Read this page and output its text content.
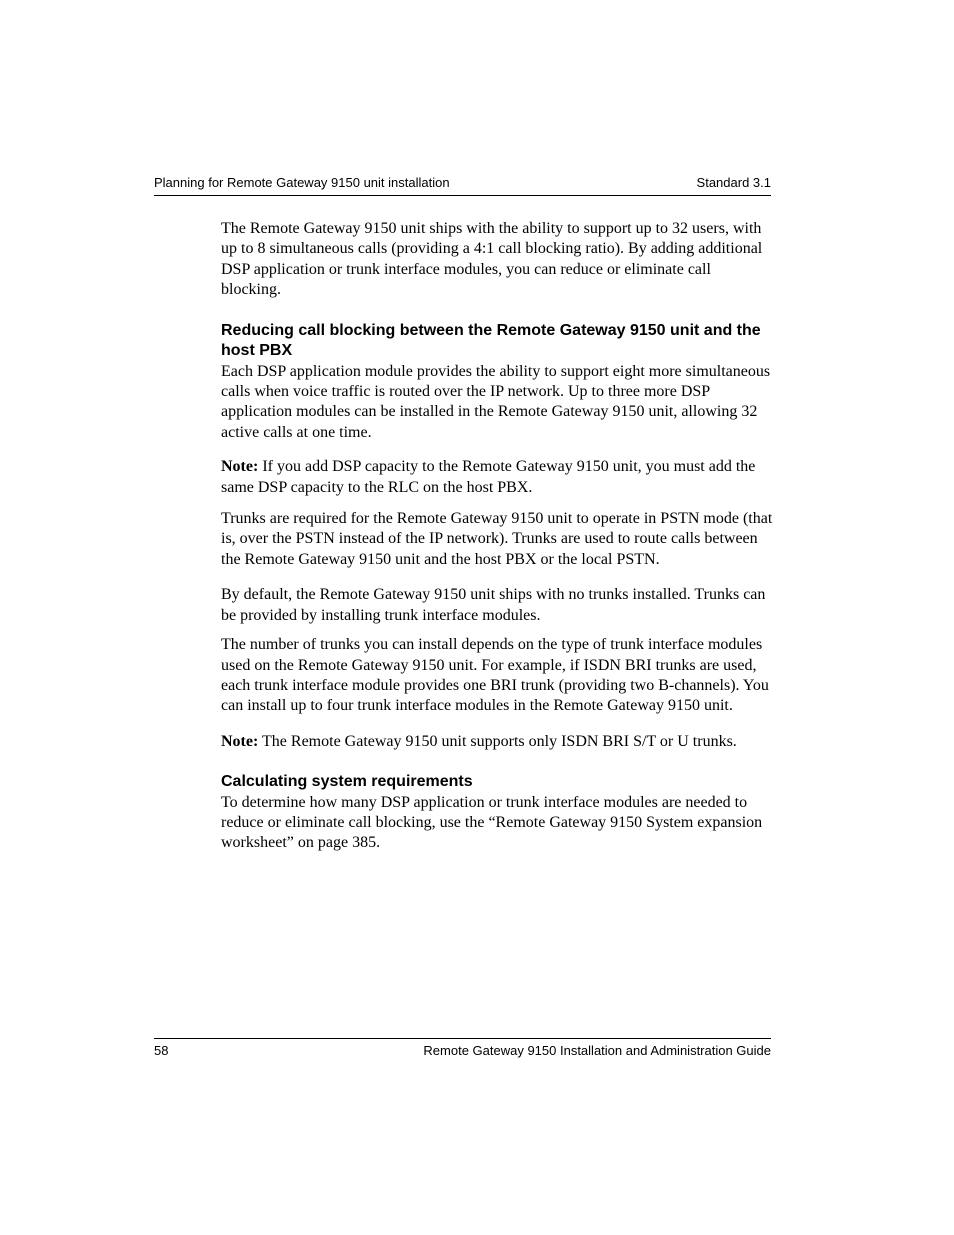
Planning for Remote Gateway 9150 unit installation	Standard 3.1

The Remote Gateway 9150 unit ships with the ability to support up to 32 users, with up to 8 simultaneous calls (providing a 4:1 call blocking ratio). By adding additional DSP application or trunk interface modules, you can reduce or eliminate call blocking.

Reducing call blocking between the Remote Gateway 9150 unit and the host PBX

Each DSP application module provides the ability to support eight more simultaneous calls when voice traffic is routed over the IP network. Up to three more DSP application modules can be installed in the Remote Gateway 9150 unit, allowing 32 active calls at one time.

Note: If you add DSP capacity to the Remote Gateway 9150 unit, you must add the same DSP capacity to the RLC on the host PBX.

Trunks are required for the Remote Gateway 9150 unit to operate in PSTN mode (that is, over the PSTN instead of the IP network). Trunks are used to route calls between the Remote Gateway 9150 unit and the host PBX or the local PSTN.

By default, the Remote Gateway 9150 unit ships with no trunks installed. Trunks can be provided by installing trunk interface modules.

The number of trunks you can install depends on the type of trunk interface modules used on the Remote Gateway 9150 unit. For example, if ISDN BRI trunks are used, each trunk interface module provides one BRI trunk (providing two B-channels). You can install up to four trunk interface modules in the Remote Gateway 9150 unit.

Note: The Remote Gateway 9150 unit supports only ISDN BRI S/T or U trunks.

Calculating system requirements

To determine how many DSP application or trunk interface modules are needed to reduce or eliminate call blocking, use the “Remote Gateway 9150 System expansion worksheet” on page 385.

58	Remote Gateway 9150 Installation and Administration Guide
